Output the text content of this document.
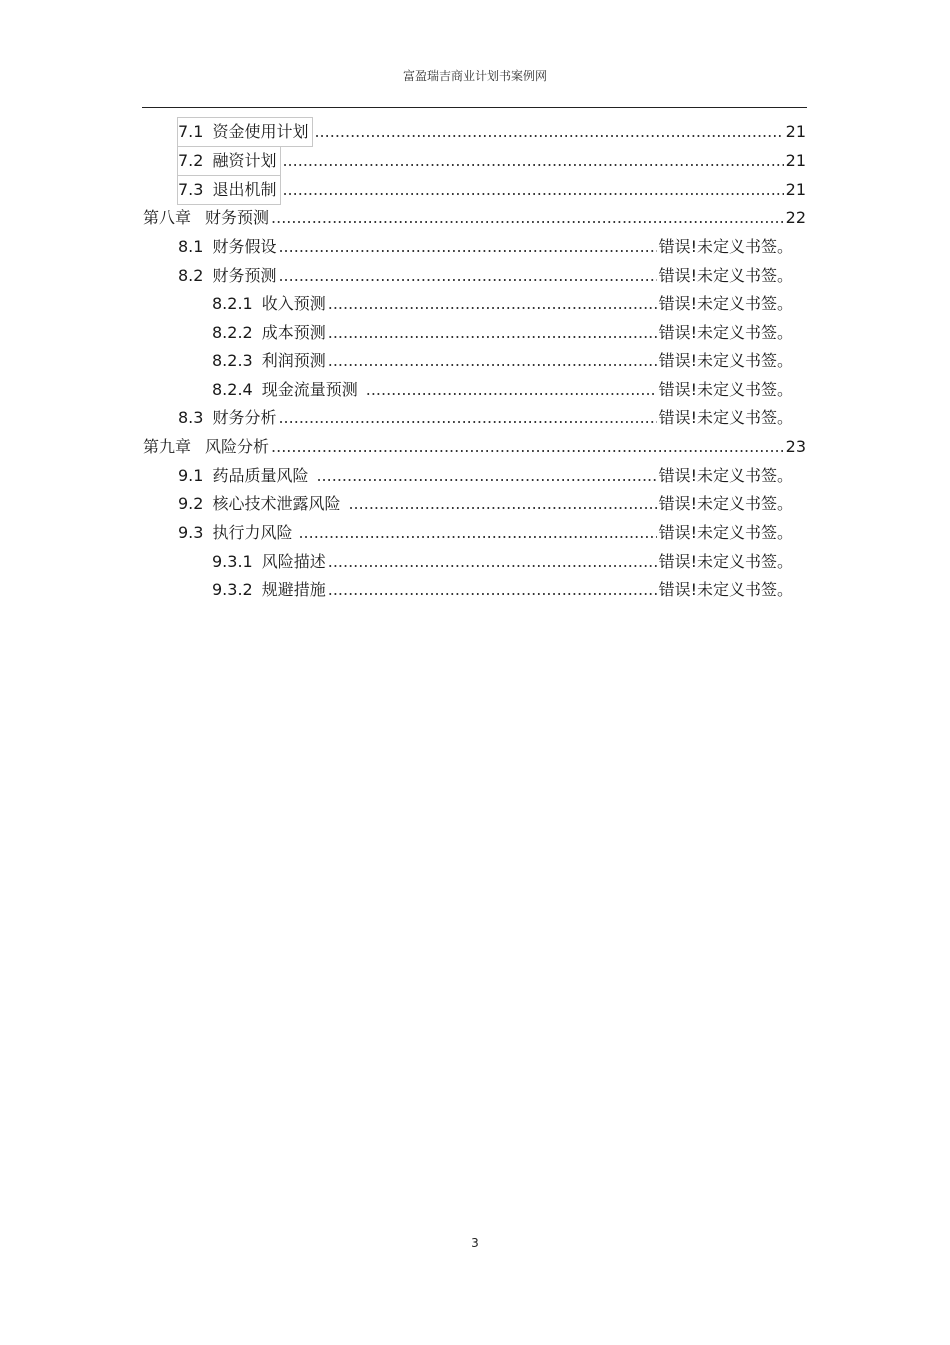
富盈瑞吉商业计划书案例网
7.1 资金使用计划 .....	21
7.2 融资计划 .....	21
7.3 退出机制 .....	21
第八章 财务预测 .....	22
8.1 财务假设 .....	错误!未定义书签。
8.2 财务预测 .....	错误!未定义书签。
8.2.1 收入预测 .....	错误!未定义书签。
8.2.2 成本预测 .....	错误!未定义书签。
8.2.3 利润预测 .....	错误!未定义书签。
8.2.4 现金流量预测 .....	错误!未定义书签。
8.3 财务分析 .....	错误!未定义书签。
第九章 风险分析 .....	23
9.1 药品质量风险 .....	错误!未定义书签。
9.2 核心技术泄露风险 .....	错误!未定义书签。
9.3 执行力风险 .....	错误!未定义书签。
9.3.1 风险描述 .....	错误!未定义书签。
9.3.2 规避措施 .....	错误!未定义书签。
3
